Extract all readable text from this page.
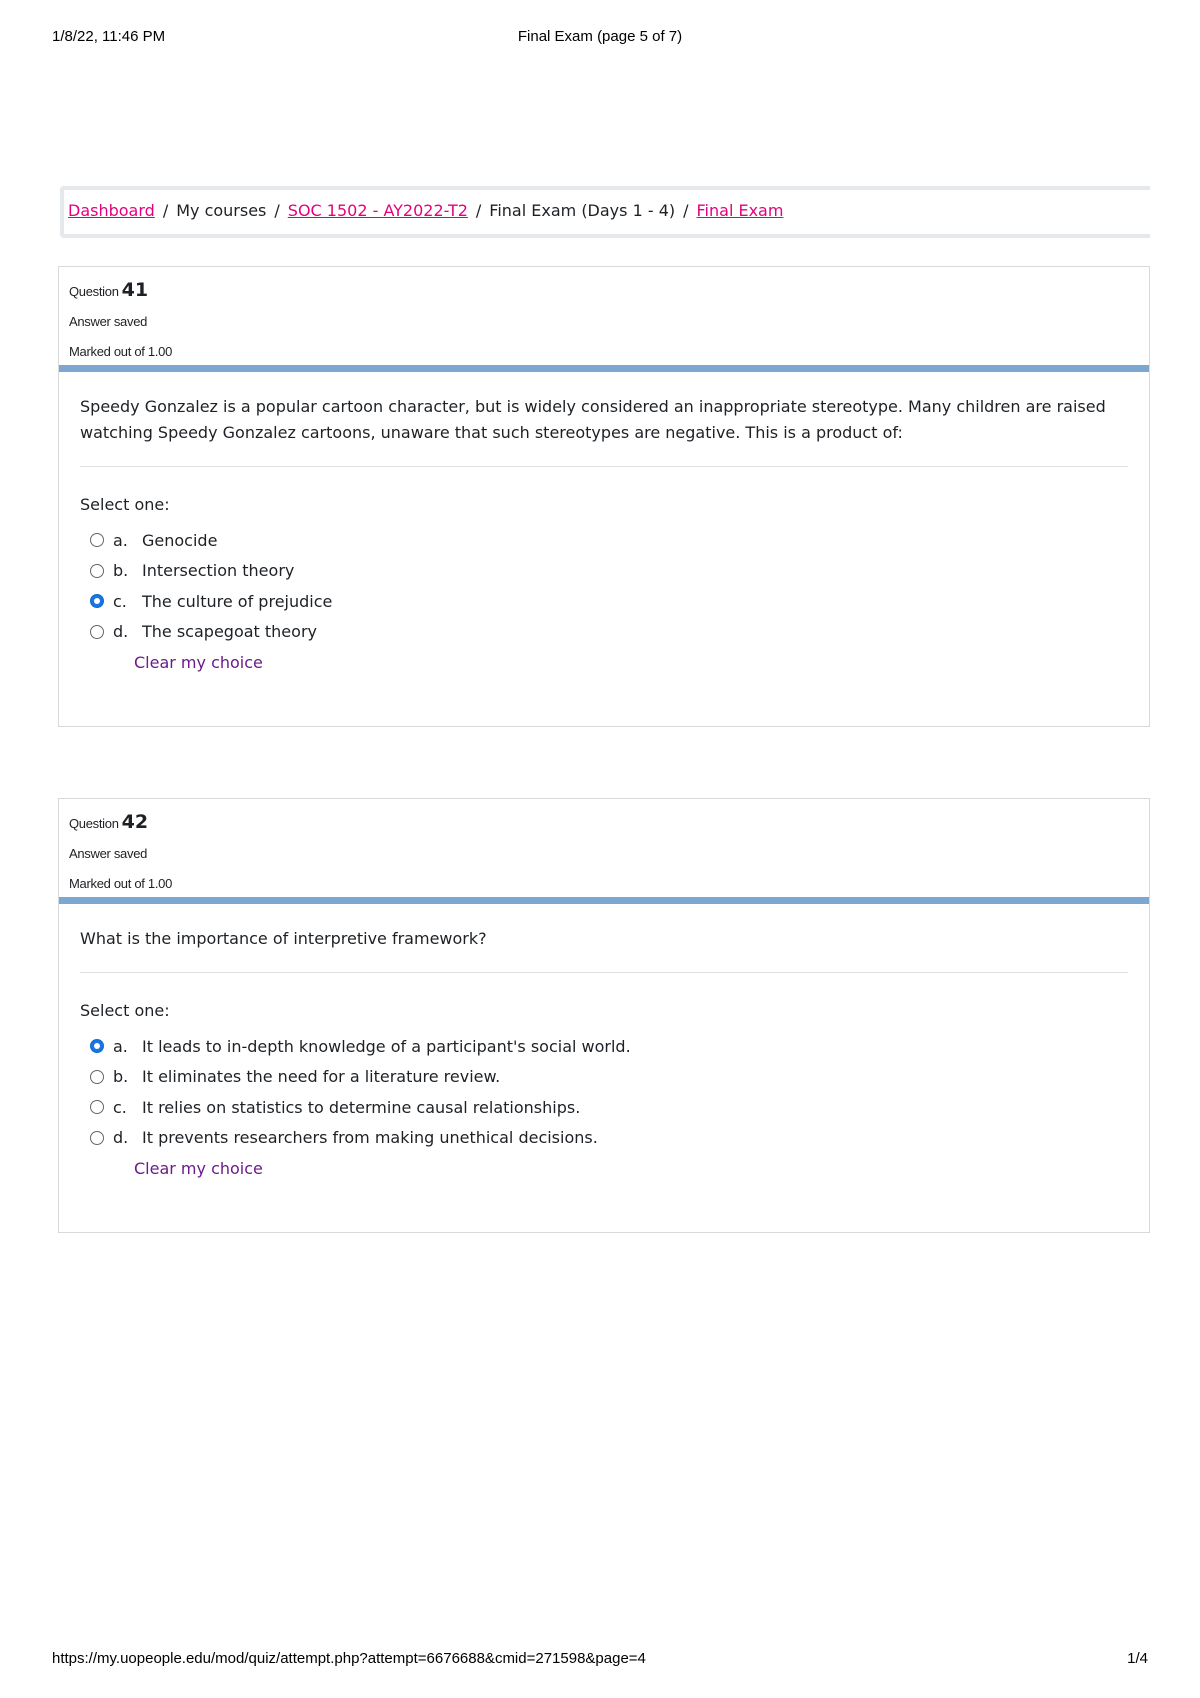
1/8/22, 11:46 PM	Final Exam (page 5 of 7)
Dashboard / My courses / SOC 1502 - AY2022-T2 / Final Exam (Days 1 - 4) / Final Exam
Question 41
Answer saved
Marked out of 1.00
Speedy Gonzalez is a popular cartoon character, but is widely considered an inappropriate stereotype. Many children are raised watching Speedy Gonzalez cartoons, unaware that such stereotypes are negative. This is a product of:
Select one:
a. Genocide
b. Intersection theory
c. The culture of prejudice
d. The scapegoat theory
Clear my choice
Question 42
Answer saved
Marked out of 1.00
What is the importance of interpretive framework?
Select one:
a. It leads to in-depth knowledge of a participant's social world.
b. It eliminates the need for a literature review.
c. It relies on statistics to determine causal relationships.
d. It prevents researchers from making unethical decisions.
Clear my choice
https://my.uopeople.edu/mod/quiz/attempt.php?attempt=6676688&cmid=271598&page=4	1/4
